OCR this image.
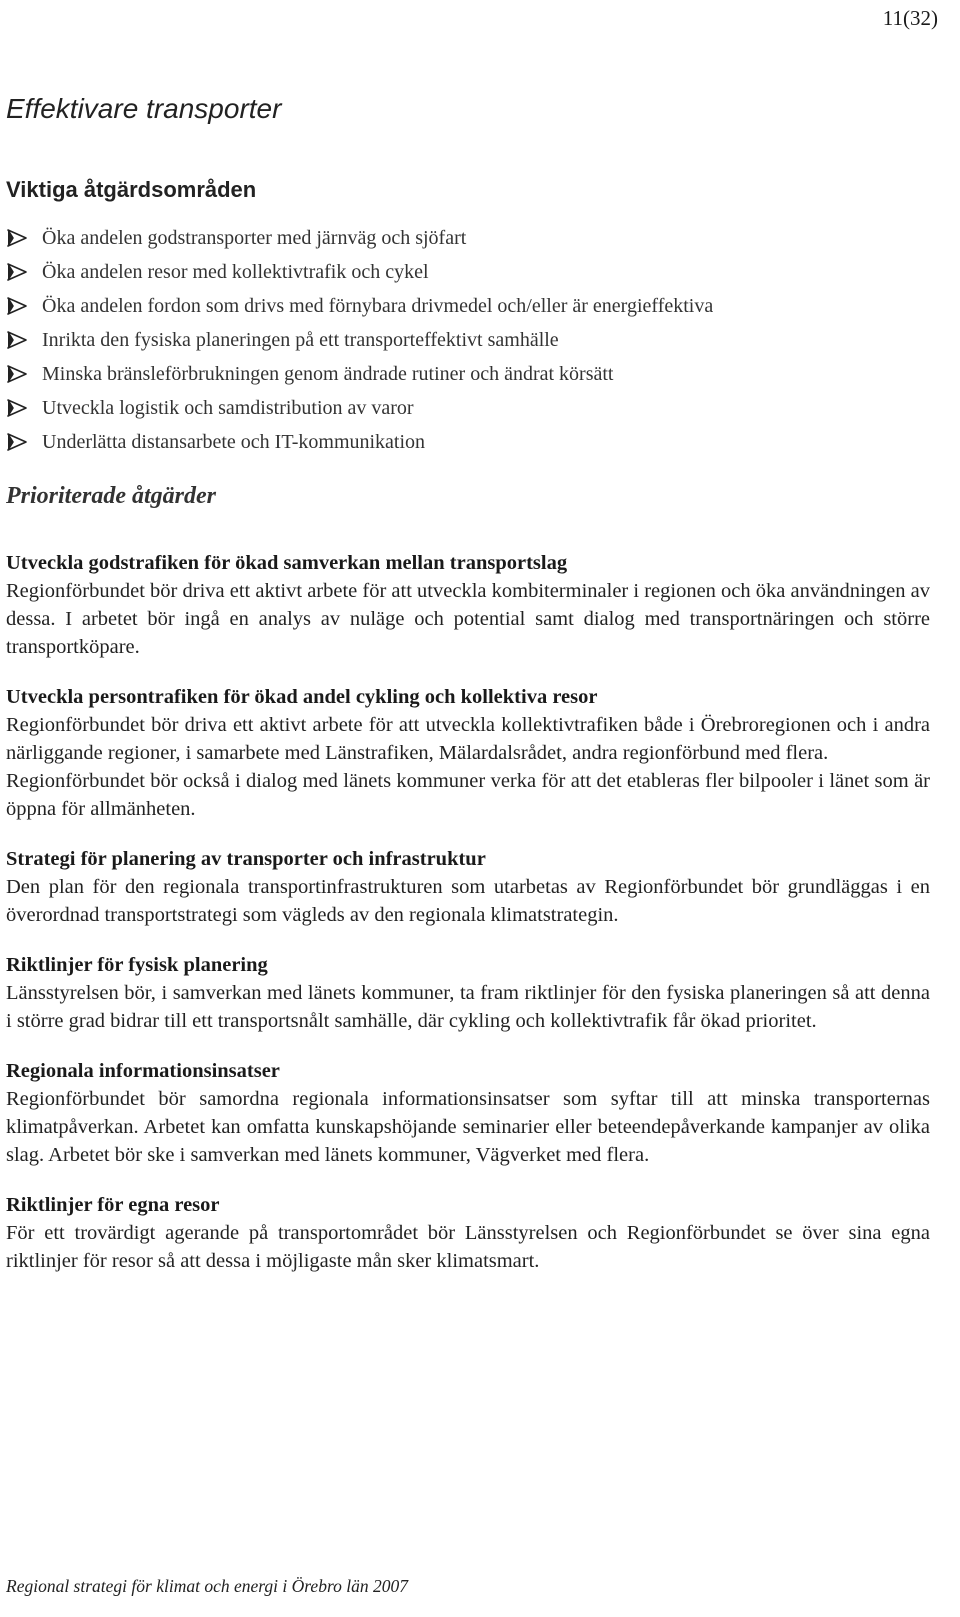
11(32)
Effektivare transporter
Viktiga åtgärdsområden
Öka andelen godstransporter med järnväg och sjöfart
Öka andelen resor med kollektivtrafik och cykel
Öka andelen fordon som drivs med förnybara drivmedel och/eller är energieffektiva
Inrikta den fysiska planeringen på ett transporteffektivt samhälle
Minska bränsleförbrukningen genom ändrade rutiner och ändrat körsätt
Utveckla logistik och samdistribution av varor
Underlätta distansarbete och IT-kommunikation
Prioriterade åtgärder
Utveckla godstrafiken för ökad samverkan mellan transportslag

Regionförbundet bör driva ett aktivt arbete för att utveckla kombiterminaler i regionen och öka användningen av dessa. I arbetet bör ingå en analys av nuläge och potential samt dialog med transportnäringen och större transportköpare.

Utveckla persontrafiken för ökad andel cykling och kollektiva resor

Regionförbundet bör driva ett aktivt arbete för att utveckla kollektivtrafiken både i Örebroregionen och i andra närliggande regioner, i samarbete med Länstrafiken, Mälardalsrådet, andra regionförbund med flera.

Regionförbundet bör också i dialog med länets kommuner verka för att det etableras fler bilpooler i länet som är öppna för allmänheten.

Strategi för planering av transporter och infrastruktur

Den plan för den regionala transportinfrastrukturen som utarbetas av Regionförbundet bör grundläggas i en överordnad transportstrategi som vägleds av den regionala klimatstrategin.

Riktlinjer för fysisk planering

Länsstyrelsen bör, i samverkan med länets kommuner, ta fram riktlinjer för den fysiska planeringen så att denna i större grad bidrar till ett transportsnålt samhälle, där cykling och kollektivtrafik får ökad prioritet.

Regionala informationsinsatser

Regionförbundet bör samordna regionala informationsinsatser som syftar till att minska transporternas klimatpåverkan. Arbetet kan omfatta kunskapshöjande seminarier eller beteendepåverkande kampanjer av olika slag. Arbetet bör ske i samverkan med länets kommuner, Vägverket med flera.

Riktlinjer för egna resor

För ett trovärdigt agerande på transportområdet bör Länsstyrelsen och Regionförbundet se över sina egna riktlinjer för resor så att dessa i möjligaste mån sker klimatsmart.

Regional strategi för klimat och energi i Örebro län 2007
